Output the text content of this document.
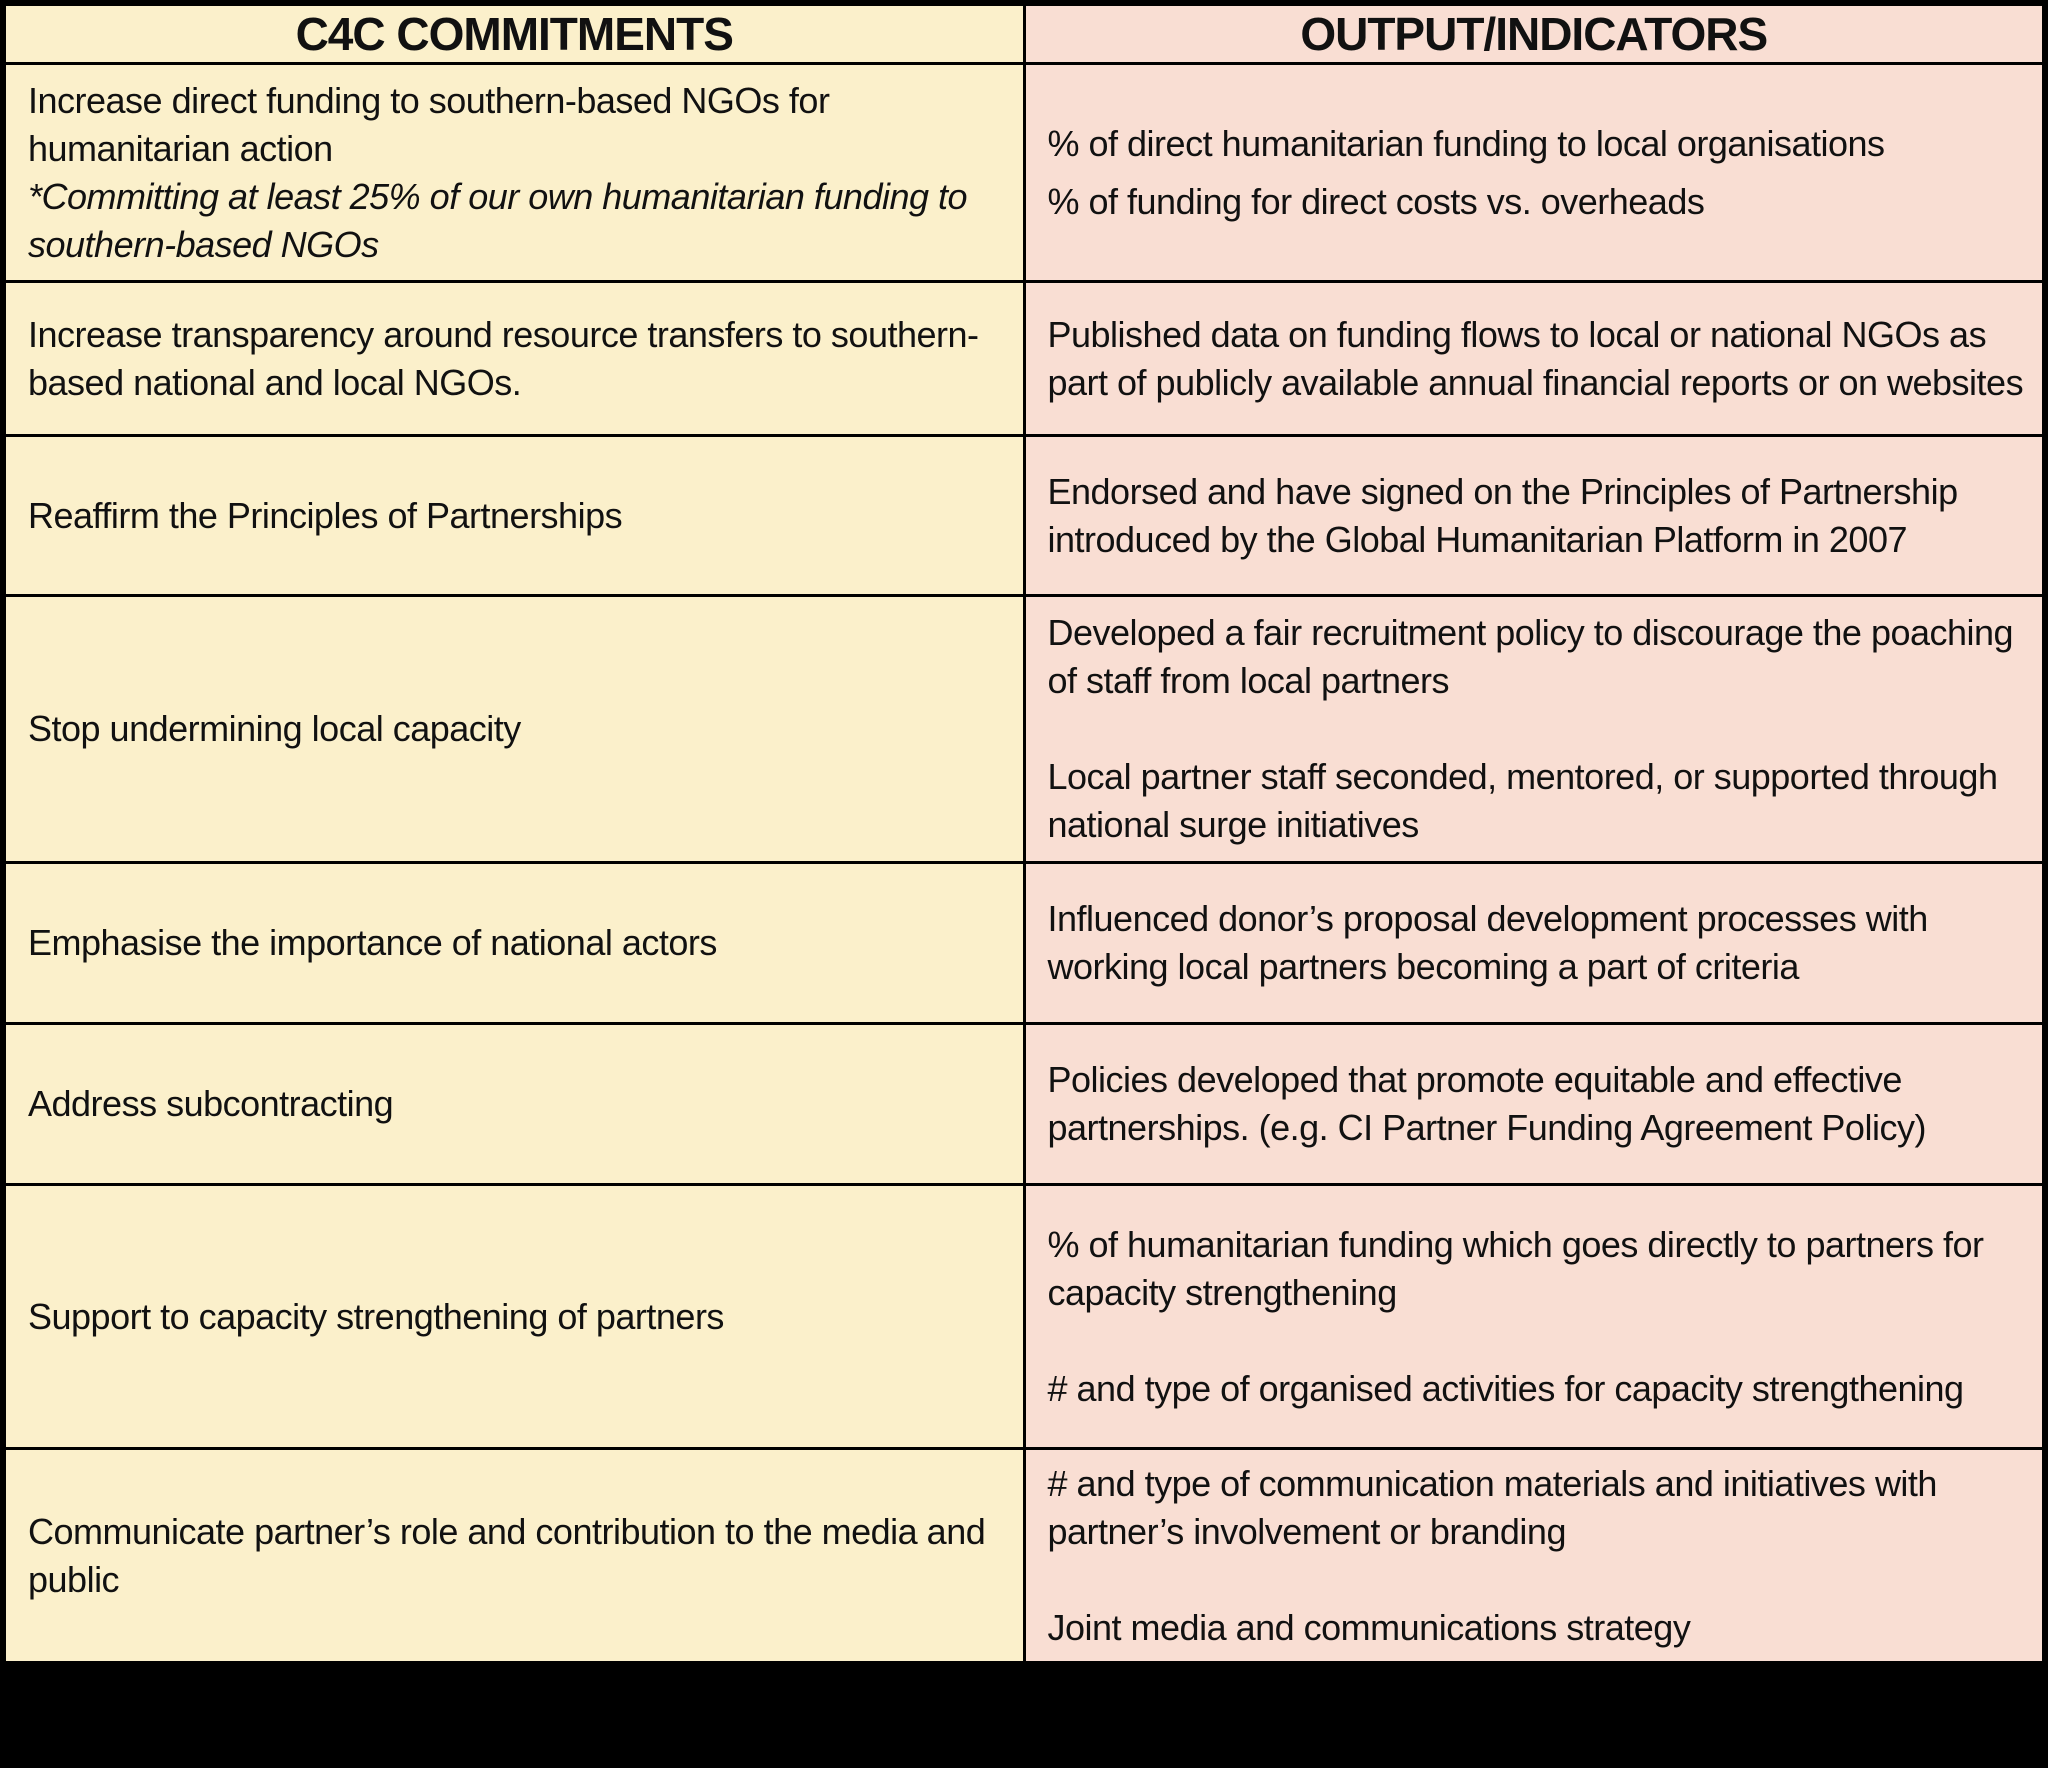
C4C COMMITMENTS	OUTPUT/INDICATORS

Increase direct funding to southern-based NGOs for humanitarian action

*Committing at least 25% of our own humanitarian funding to southern-based NGOs

% of direct humanitarian funding to local organisations

% of funding for direct costs vs. overheads

Increase transparency around resource transfers to southern-based national and local NGOs.

Published data on funding flows to local or national NGOs as part of publicly available annual financial reports or on websites

Reaffirm the Principles of Partnerships

Endorsed and have signed on the Principles of Partnership introduced by the Global Humanitarian Platform in 2007

Stop undermining local capacity

Developed a fair recruitment policy to discourage the poaching of staff from local partners

Local partner staff seconded, mentored, or supported through national surge initiatives

Emphasise the importance of national actors

Influenced donor’s proposal development processes with working local partners becoming a part of criteria

Address subcontracting

Policies developed that promote equitable and effective partnerships. (e.g. CI Partner Funding Agreement Policy)

Support to capacity strengthening of partners

% of humanitarian funding which goes directly to partners for capacity strengthening

# and type of organised activities for capacity strengthening

Communicate partner’s role and contribution to the media and public

# and type of communication materials and initiatives with partner’s involvement or branding

Joint media and communications strategy
